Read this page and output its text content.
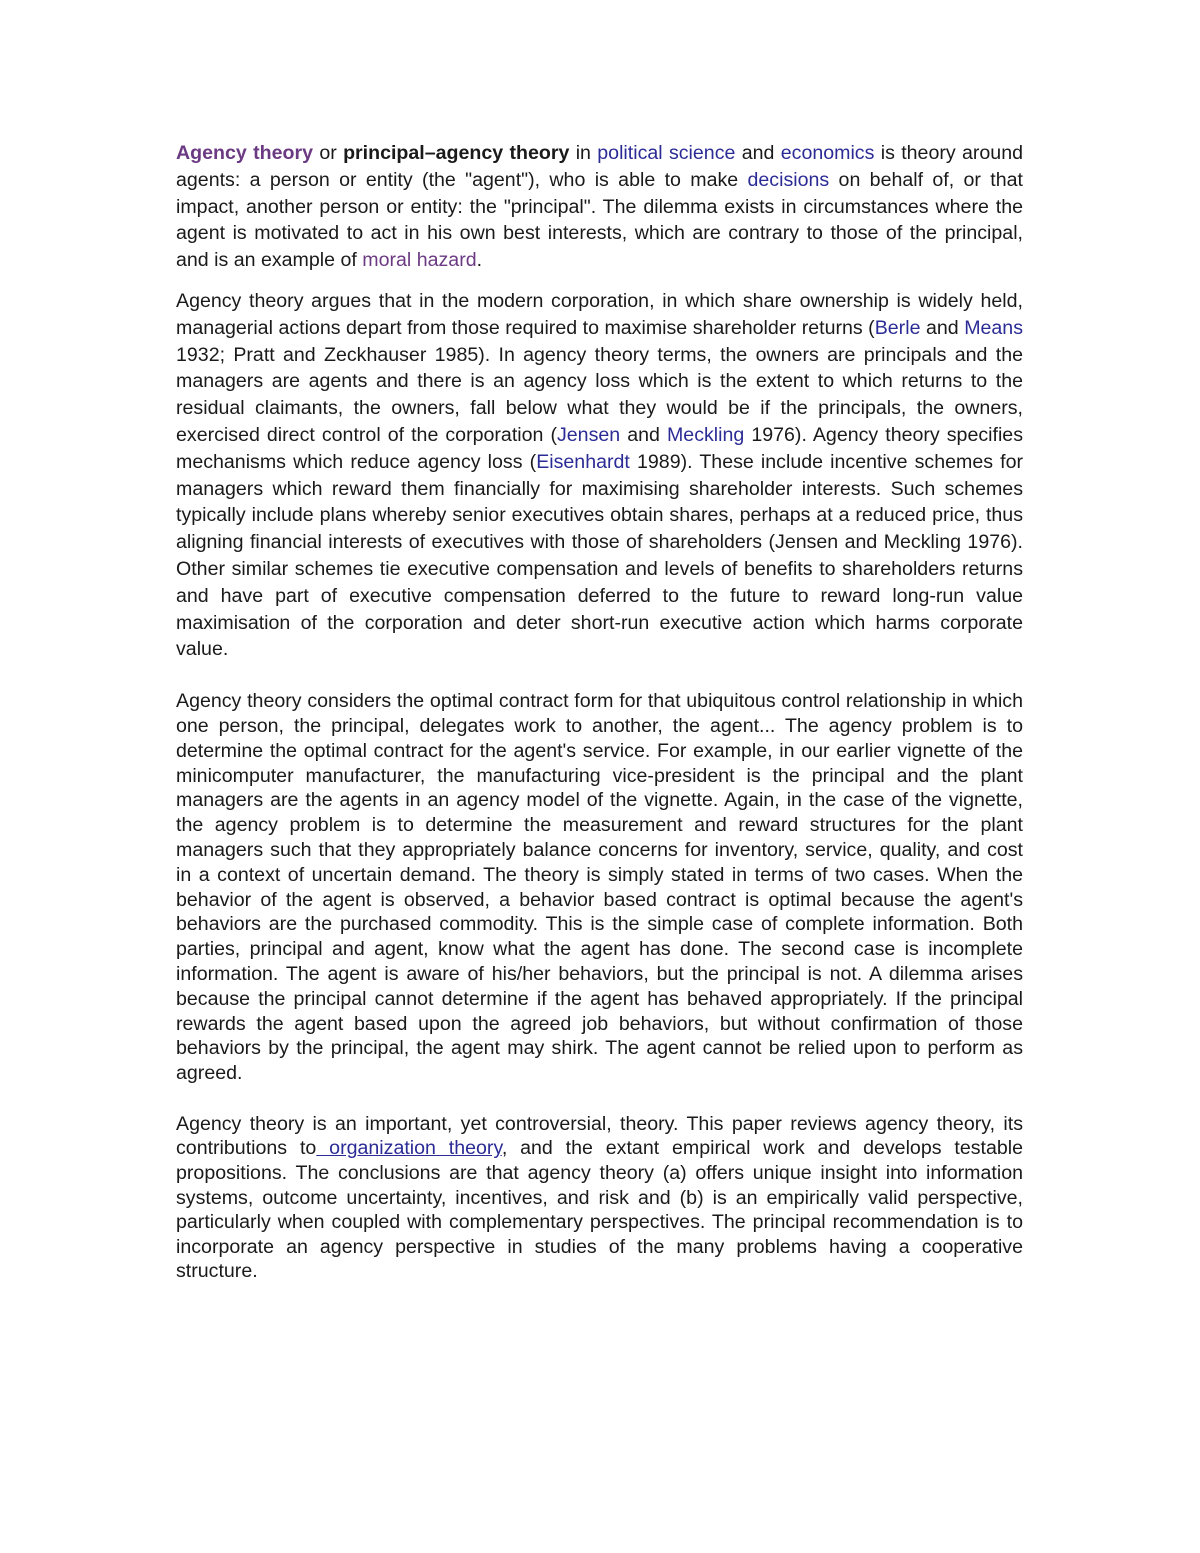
Agency theory or principal–agency theory in political science and economics is theory around agents: a person or entity (the "agent"), who is able to make decisions on behalf of, or that impact, another person or entity: the "principal". The dilemma exists in circumstances where the agent is motivated to act in his own best interests, which are contrary to those of the principal, and is an example of moral hazard.

Agency theory argues that in the modern corporation, in which share ownership is widely held, managerial actions depart from those required to maximise shareholder returns (Berle and Means 1932; Pratt and Zeckhauser 1985). In agency theory terms, the owners are principals and the managers are agents and there is an agency loss which is the extent to which returns to the residual claimants, the owners, fall below what they would be if the principals, the owners, exercised direct control of the corporation (Jensen and Meckling 1976). Agency theory specifies mechanisms which reduce agency loss (Eisenhardt 1989). These include incentive schemes for managers which reward them financially for maximising shareholder interests. Such schemes typically include plans whereby senior executives obtain shares, perhaps at a reduced price, thus aligning financial interests of executives with those of shareholders (Jensen and Meckling 1976). Other similar schemes tie executive compensation and levels of benefits to shareholders returns and have part of executive compensation deferred to the future to reward long-run value maximisation of the corporation and deter short-run executive action which harms corporate value.

Agency theory considers the optimal contract form for that ubiquitous control relationship in which one person, the principal, delegates work to another, the agent... The agency problem is to determine the optimal contract for the agent's service. For example, in our earlier vignette of the minicomputer manufacturer, the manufacturing vice-president is the principal and the plant managers are the agents in an agency model of the vignette. Again, in the case of the vignette, the agency problem is to determine the measurement and reward structures for the plant managers such that they appropriately balance concerns for inventory, service, quality, and cost in a context of uncertain demand. The theory is simply stated in terms of two cases. When the behavior of the agent is observed, a behavior based contract is optimal because the agent's behaviors are the purchased commodity. This is the simple case of complete information. Both parties, principal and agent, know what the agent has done. The second case is incomplete information. The agent is aware of his/her behaviors, but the principal is not. A dilemma arises because the principal cannot determine if the agent has behaved appropriately. If the principal rewards the agent based upon the agreed job behaviors, but without confirmation of those behaviors by the principal, the agent may shirk. The agent cannot be relied upon to perform as agreed.

Agency theory is an important, yet controversial, theory. This paper reviews agency theory, its contributions to organization theory, and the extant empirical work and develops testable propositions. The conclusions are that agency theory (a) offers unique insight into information systems, outcome uncertainty, incentives, and risk and (b) is an empirically valid perspective, particularly when coupled with complementary perspectives. The principal recommendation is to incorporate an agency perspective in studies of the many problems having a cooperative structure.
